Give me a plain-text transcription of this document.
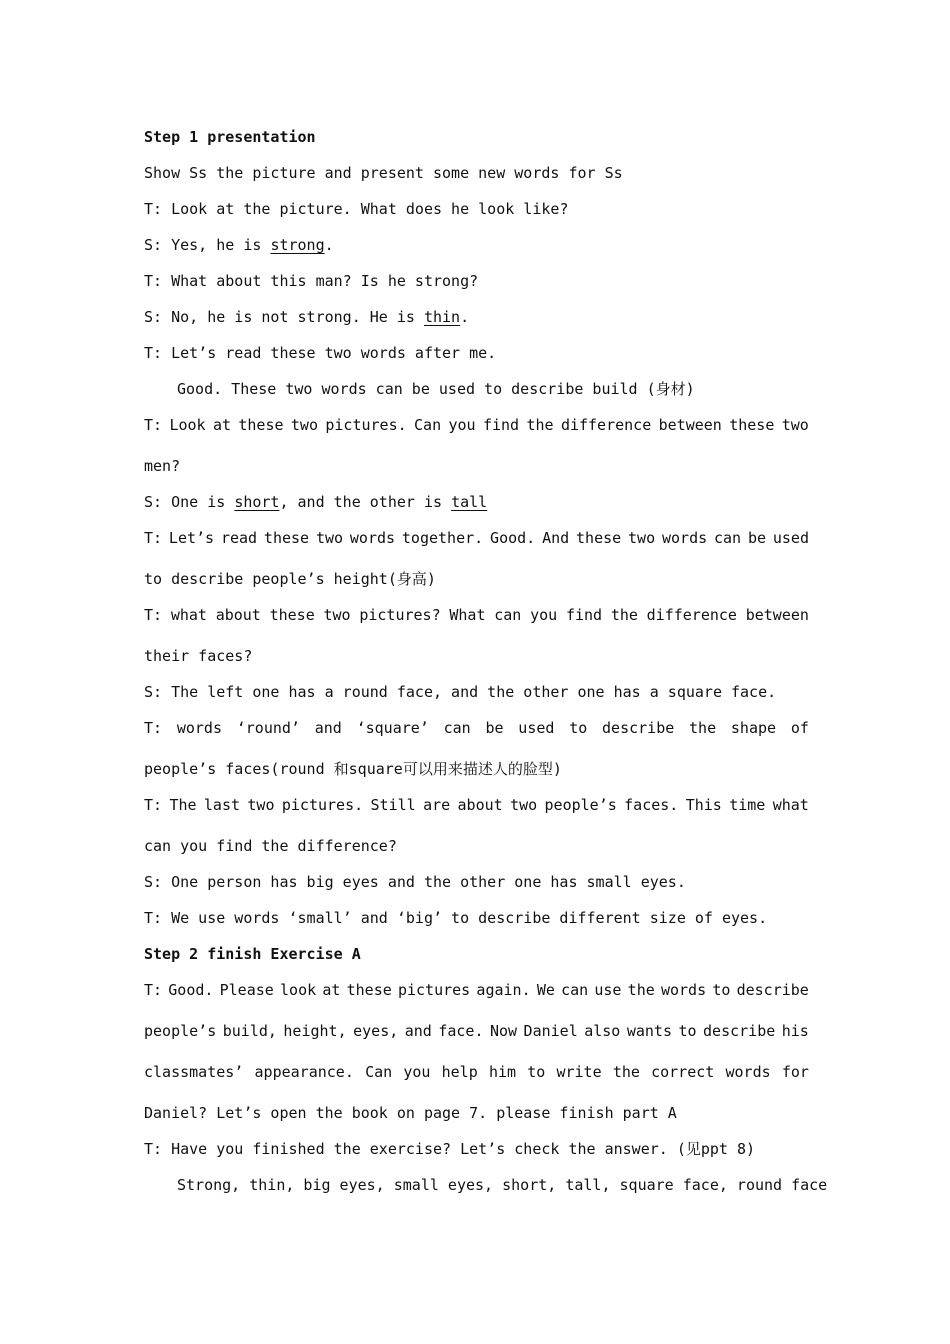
Step 1 presentation
Show Ss the picture and present some new words for Ss
T: Look at the picture. What does he look like?
S: Yes, he is strong.
T: What about this man? Is he strong?
S: No, he is not strong. He is thin.
T: Let’s read these two words after me.
Good. These two words can be used to describe build (身材)
T: Look at these two pictures. Can you find the difference between these two
men?
S: One is short, and the other is tall
T: Let’s read these two words together. Good. And these two words can be used
to describe people’s height(身高)
T: what about these two pictures? What can you find the difference between
their faces?
S: The left one has a round face, and the other one has a square face.
T: words ‘round’ and ‘square’ can be used to describe the shape of
people’s faces(round 和square可以用来描述人的脸型)
T: The last two pictures. Still are about two people’s faces. This time what
can you find the difference?
S: One person has big eyes and the other one has small eyes.
T: We use words ‘small’ and ‘big’ to describe different size of eyes.
Step 2 finish Exercise A
T: Good. Please look at these pictures again. We can use the words to describe
people’s build, height, eyes, and face. Now Daniel also wants to describe his
classmates’ appearance. Can you help him to write the correct words for
Daniel? Let’s open the book on page 7. please finish part A
T: Have you finished the exercise? Let’s check the answer. (见ppt 8)
Strong, thin, big eyes, small eyes, short, tall, square face, round face
